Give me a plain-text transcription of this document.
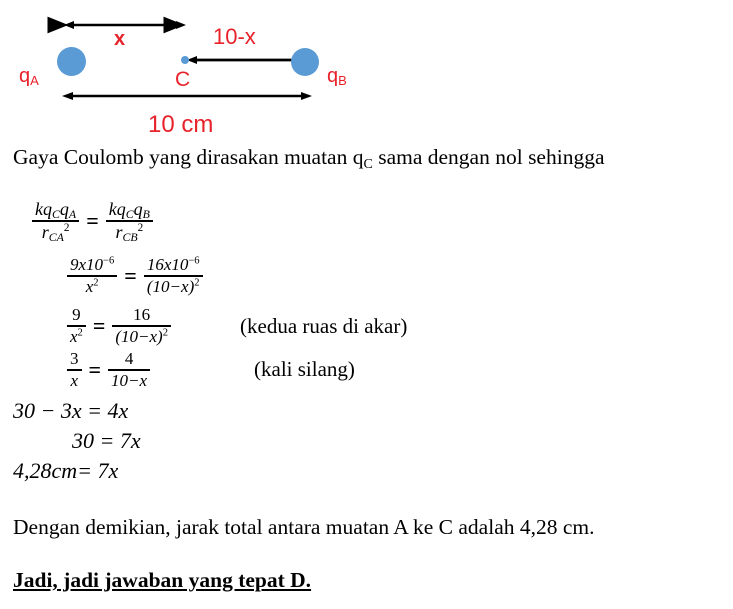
$q_A$	$q_B$
C
x	10-x
10 cm
Gaya Coulomb yang dirasakan muatan $q_C$ sama dengan nol sehingga
$\frac{kq_Cq_A}{r_{CA}^2} = \frac{kq_Cq_B}{r_{CB}^2}$
$\frac{9x10^{-6}}{x^2} = \frac{16x10^{-6}}{(10-x)^2}$
$\frac{9}{x^2} = \frac{16}{(10-x)^2}$	(kedua ruas di akar)
$\frac{3}{x} = \frac{4}{10-x}$	(kali silang)
30 − 3x = 4x
30 = 7x
4,28 cm = 7x
Dengan demikian, jarak total antara muatan A ke C adalah 4,28 cm.
Jadi, jadi jawaban yang tepat D.
